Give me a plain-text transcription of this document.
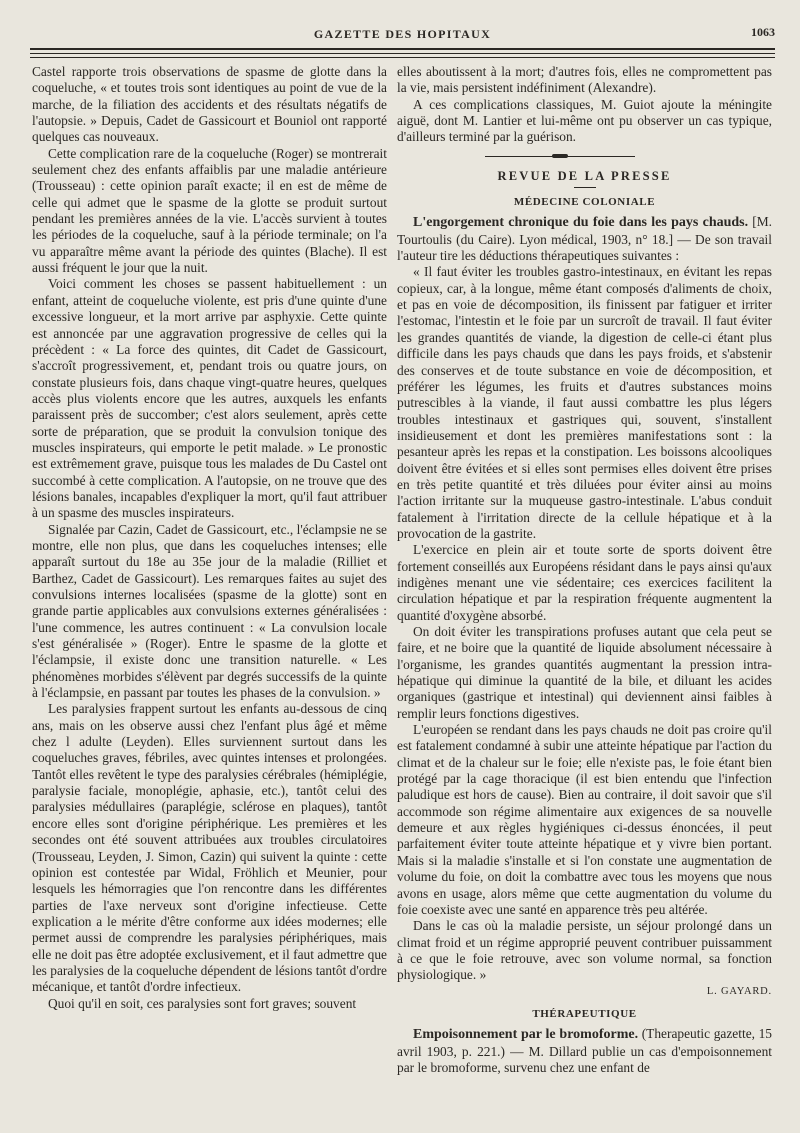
GAZETTE DES HOPITAUX	1063

Castel rapporte trois observations de spasme de glotte dans la coqueluche, « et toutes trois sont identiques au point de vue de la marche, de la filiation des accidents et des résultats négatifs de l'autopsie. » Depuis, Cadet de Gassicourt et Bouniol ont rapporté quelques cas nouveaux.

Cette complication rare de la coqueluche (Roger) se montrerait seulement chez des enfants affaiblis par une maladie antérieure (Trousseau) : cette opinion paraît exacte; il en est de même de celle qui admet que le spasme de la glotte se produit surtout pendant les premières années de la vie. L'accès survient à toutes les périodes de la coqueluche, sauf à la période terminale; on l'a vu apparaître même avant la période des quintes (Blache). Il est aussi fréquent le jour que la nuit.

Voici comment les choses se passent habituellement : un enfant, atteint de coqueluche violente, est pris d'une quinte d'une excessive longueur, et la mort arrive par asphyxie. Cette quinte est annoncée par une aggravation progressive de celles qui la précèdent : « La force des quintes, dit Cadet de Gassicourt, s'accroît progressivement, et, pendant trois ou quatre jours, on constate plusieurs fois, dans chaque vingt-quatre heures, quelques accès plus violents encore que les autres, auxquels les enfants paraissent près de succomber; c'est alors seulement, après cette sorte de préparation, que se produit la convulsion tonique des muscles inspirateurs, qui emporte le petit malade. » Le pronostic est extrêmement grave, puisque tous les malades de Du Castel ont succombé à cette complication. A l'autopsie, on ne trouve que des lésions banales, incapables d'expliquer la mort, qu'il faut attribuer à un spasme des muscles inspirateurs.

Signalée par Cazin, Cadet de Gassicourt, etc., l'éclampsie ne se montre, elle non plus, que dans les coqueluches intenses; elle apparaît surtout du 18e au 35e jour de la maladie (Rilliet et Barthez, Cadet de Gassicourt). Les remarques faites au sujet des convulsions internes localisées (spasme de la glotte) sont en grande partie applicables aux convulsions externes généralisées : l'une commence, les autres continuent : « La convulsion locale s'est généralisée » (Roger). Entre le spasme de la glotte et l'éclampsie, il existe donc une transition naturelle. « Les phénomènes morbides s'élèvent par degrés successifs de la quinte à l'éclampsie, en passant par toutes les phases de la convulsion. »

Les paralysies frappent surtout les enfants au-dessous de cinq ans, mais on les observe aussi chez l'enfant plus âgé et même chez l adulte (Leyden). Elles surviennent surtout dans les coqueluches graves, fébriles, avec quintes intenses et prolongées. Tantôt elles revêtent le type des paralysies cérébrales (hémiplégie, paralysie faciale, monoplégie, aphasie, etc.), tantôt celui des paralysies médullaires (paraplégie, sclérose en plaques), tantôt encore elles sont d'origine périphérique. Les premières et les secondes ont été souvent attribuées aux troubles circulatoires (Trousseau, Leyden, J. Simon, Cazin) qui suivent la quinte : cette opinion est contestée par Widal, Fröhlich et Meunier, pour lesquels les hémorragies que l'on rencontre dans les différentes parties de l'axe nerveux sont d'origine infectieuse. Cette explication a le mérite d'être conforme aux idées modernes; elle permet aussi de comprendre les paralysies périphériques, mais elle ne doit pas être adoptée exclusivement, et il faut admettre que les paralysies de la coqueluche dépendent de lésions tantôt d'ordre mécanique, et tantôt d'ordre infectieux.

Quoi qu'il en soit, ces paralysies sont fort graves; souvent

elles aboutissent à la mort; d'autres fois, elles ne compromettent pas la vie, mais persistent indéfiniment (Alexandre).

A ces complications classiques, M. Guiot ajoute la méningite aiguë, dont M. Lantier et lui-même ont pu observer un cas typique, d'ailleurs terminé par la guérison.

REVUE DE LA PRESSE
MÉDECINE COLONIALE

L'engorgement chronique du foie dans les pays chauds. [M. Tourtoulis (du Caire). Lyon médical, 1903, n° 18.] — De son travail l'auteur tire les déductions thérapeutiques suivantes :

« Il faut éviter les troubles gastro-intestinaux, en évitant les repas copieux, car, à la longue, même étant composés d'aliments de choix, et pas en voie de décomposition, ils finissent par fatiguer et irriter l'estomac, l'intestin et le foie par un surcroît de travail. Il faut éviter les grandes quantités de viande, la digestion de celle-ci étant plus difficile dans les pays chauds que dans les pays froids, et s'abstenir des conserves et de toute substance en voie de décomposition, et préférer les légumes, les fruits et d'autres substances moins putrescibles à la viande, il faut aussi combattre les plus légers troubles intestinaux et gastriques qui, souvent, s'installent insidieusement et dont les premières manifestations sont : la pesanteur après les repas et la constipation. Les boissons alcooliques doivent être évitées et si elles sont permises elles doivent être prises en très petite quantité et très diluées pour éviter ainsi au moins l'action irritante sur la muqueuse gastro-intestinale. L'abus conduit fatalement à l'irritation directe de la cellule hépatique et à la provocation de la gastrite.

L'exercice en plein air et toute sorte de sports doivent être fortement conseillés aux Européens résidant dans le pays ainsi qu'aux indigènes menant une vie sédentaire; ces exercices facilitent la circulation hépatique et par la respiration fréquente augmentent la quantité d'oxygène absorbé.

On doit éviter les transpirations profuses autant que cela peut se faire, et ne boire que la quantité de liquide absolument nécessaire à l'organisme, les grandes quantités augmentant la pression intra-hépatique qui diminue la quantité de la bile, et diluant les acides organiques (gastrique et intestinal) qui deviennent ainsi faibles à remplir leurs fonctions digestives.

L'européen se rendant dans les pays chauds ne doit pas croire qu'il est fatalement condamné à subir une atteinte hépatique par l'action du climat et de la chaleur sur le foie; elle n'existe pas, le foie étant bien protégé par la cage thoracique (il est bien entendu que l'infection paludique est hors de cause). Bien au contraire, il doit savoir que s'il accommode son régime alimentaire aux exigences de sa nouvelle demeure et aux règles hygiéniques ci-dessus énoncées, il peut parfaitement éviter toute atteinte hépatique et y vivre bien portant. Mais si la maladie s'installe et si l'on constate une augmentation de volume du foie, on doit la combattre avec tous les moyens que nous avons en usage, alors même que cette augmentation du volume du foie coexiste avec une santé en apparence très peu altérée.

Dans le cas où la maladie persiste, un séjour prolongé dans un climat froid et un régime approprié peuvent contribuer puissamment à ce que le foie retrouve, avec son volume normal, sa fonction physiologique. »

L. GAYARD.
THÉRAPEUTIQUE

Empoisonnement par le bromoforme. (Therapeutic gazette, 15 avril 1903, p. 221.) — M. Dillard publie un cas d'empoisonnement par le bromoforme, survenu chez une enfant de
